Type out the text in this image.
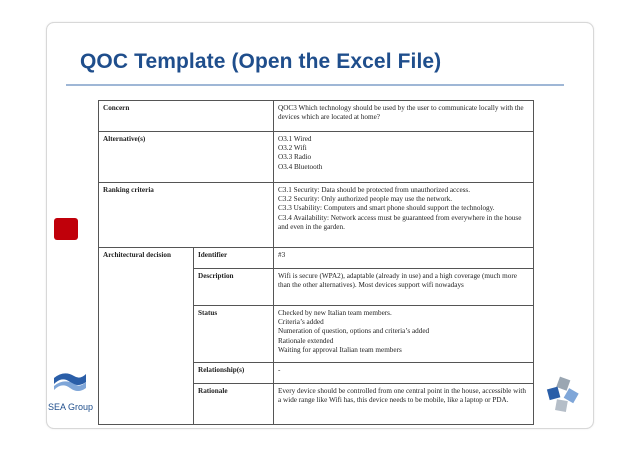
QOC Template (Open the Excel File)
Concern		QOC3 Which technology should be used by the user to communicate locally with the devices which are located at home?
Alternative(s)		O3.1 Wired
O3.2 Wifi
O3.3 Radio
O3.4 Bluetooth

Ranking criteria		C3.1 Security: Data should be protected from unauthorized access.
C3.2 Security: Only authorized people may use the network.
C3.3 Usability: Computers and smart phone should support the technology.
C3.4 Availability: Network access must be guaranteed from everywhere in the house and even in the garden.

Architectural decision	Identifier	#3
	Description	Wifi is secure (WPA2), adaptable (already in use) and a high coverage (much more than the other alternatives). Most devices support wifi nowadays
	Status	Checked by new Italian team members.
Criteria’s added
Numeration of question, options and criteria’s added
Rationale extended
Waiting for approval Italian team members

	Relationship(s)	-
	Rationale	Every device should be controlled from one central point in the house, accessible with a wide range like Wifi has, this device needs to be mobile, like a laptop or PDA.
SEA Group
